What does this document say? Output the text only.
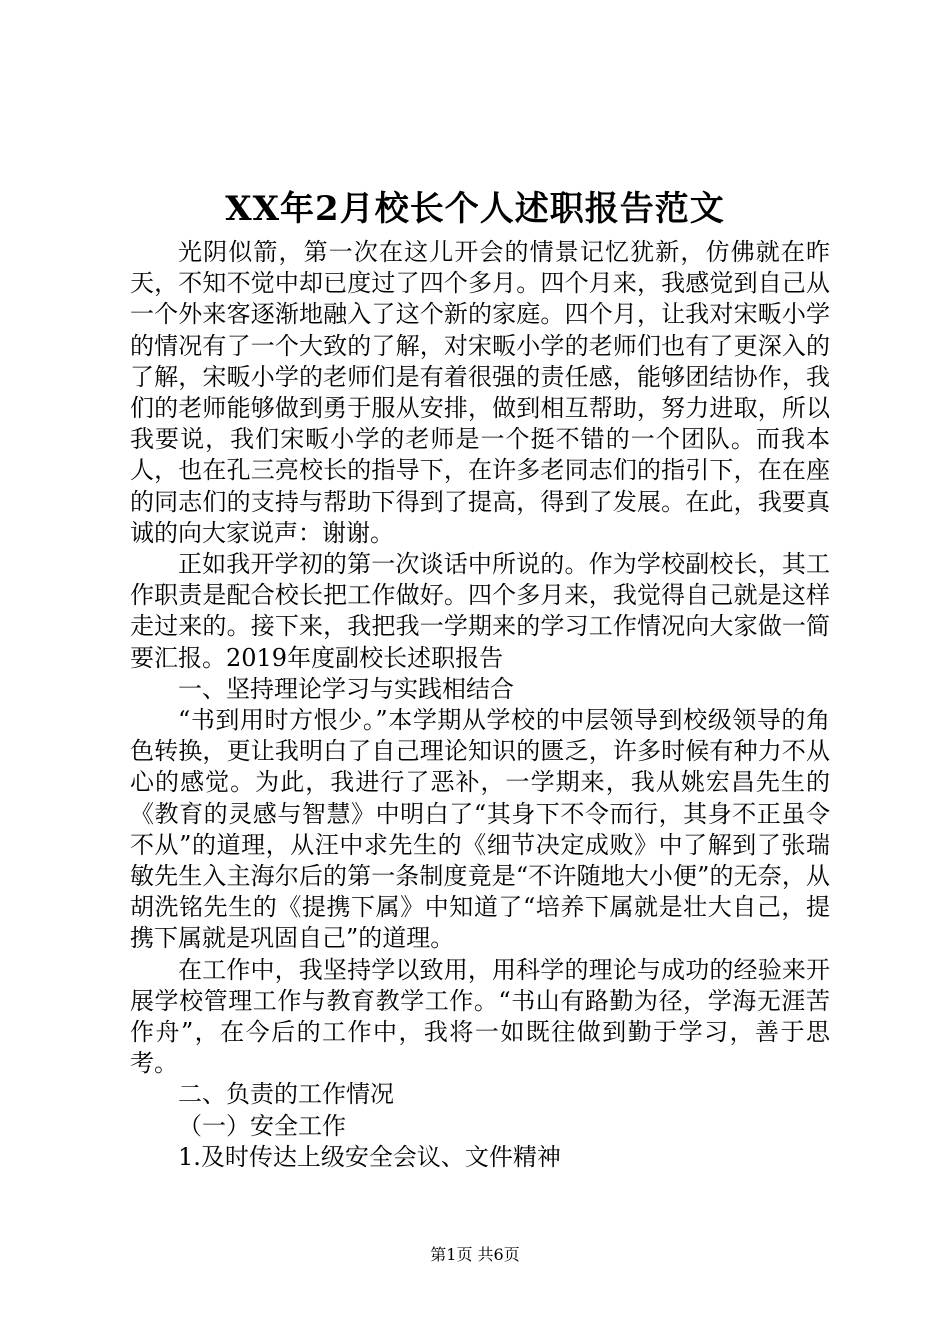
XX年2月校长个人述职报告范文

光阴似箭，第一次在这儿开会的情景记忆犹新，仿佛就在昨天，不知不觉中却已度过了四个多月。四个月来，我感觉到自己从一个外来客逐渐地融入了这个新的家庭。四个月，让我对宋畈小学的情况有了一个大致的了解，对宋畈小学的老师们也有了更深入的了解，宋畈小学的老师们是有着很强的责任感，能够团结协作，我们的老师能够做到勇于服从安排，做到相互帮助，努力进取，所以我要说，我们宋畈小学的老师是一个挺不错的一个团队。而我本人，也在孔三亮校长的指导下，在许多老同志们的指引下，在在座的同志们的支持与帮助下得到了提高，得到了发展。在此，我要真诚的向大家说声：谢谢。

正如我开学初的第一次谈话中所说的。作为学校副校长，其工作职责是配合校长把工作做好。四个多月来，我觉得自己就是这样走过来的。接下来，我把我一学期来的学习工作情况向大家做一简要汇报。2019年度副校长述职报告

一、坚持理论学习与实践相结合

“书到用时方恨少。”本学期从学校的中层领导到校级领导的角色转换，更让我明白了自己理论知识的匮乏，许多时候有种力不从心的感觉。为此，我进行了恶补，一学期来，我从姚宏昌先生的《教育的灵感与智慧》中明白了“其身下不令而行，其身不正虽令不从”的道理，从汪中求先生的《细节决定成败》中了解到了张瑞敏先生入主海尔后的第一条制度竟是“不许随地大小便”的无奈，从胡洗铭先生的《提携下属》中知道了“培养下属就是壮大自己，提携下属就是巩固自己”的道理。

在工作中，我坚持学以致用，用科学的理论与成功的经验来开展学校管理工作与教育教学工作。“书山有路勤为径，学海无涯苦作舟”，在今后的工作中，我将一如既往做到勤于学习，善于思考。

二、负责的工作情况

（一）安全工作

1.及时传达上级安全会议、文件精神

第1页 共6页
